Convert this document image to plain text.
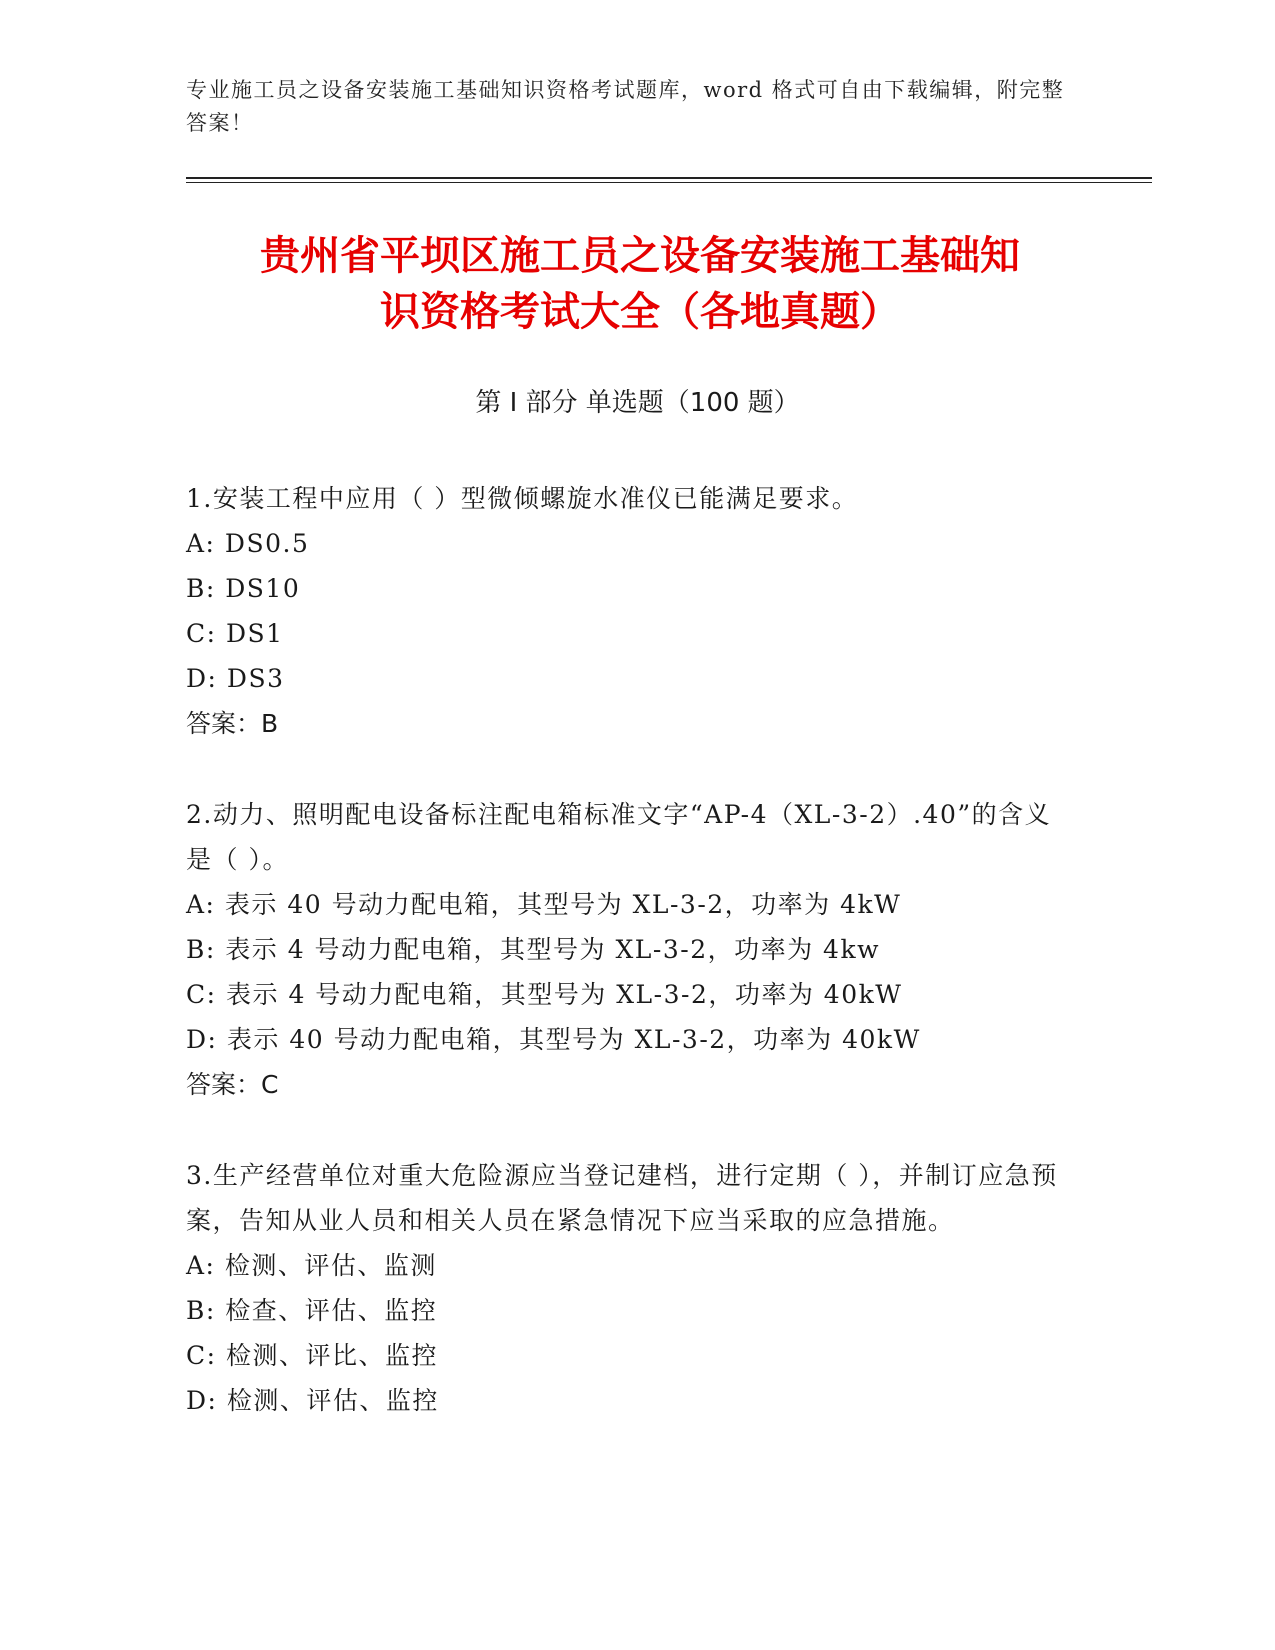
专业施工员之设备安装施工基础知识资格考试题库，word 格式可自由下载编辑，附完整答案！
贵州省平坝区施工员之设备安装施工基础知
识资格考试大全（各地真题）
第 I 部分 单选题（100 题）

1.安装工程中应用（ ）型微倾螺旋水准仪已能满足要求。

A: DS0.5

B: DS10

C: DS1

D: DS3

答案：B

2.动力、照明配电设备标注配电箱标准文字“AP-4（XL-3-2）.40”的含义是（ ）。

A: 表示 40 号动力配电箱，其型号为 XL-3-2，功率为 4kW

B: 表示 4 号动力配电箱，其型号为 XL-3-2，功率为 4kw

C: 表示 4 号动力配电箱，其型号为 XL-3-2，功率为 40kW

D: 表示 40 号动力配电箱，其型号为 XL-3-2，功率为 40kW

答案：C

3.生产经营单位对重大危险源应当登记建档，进行定期（ ），并制订应急预案，告知从业人员和相关人员在紧急情况下应当采取的应急措施。

A: 检测、评估、监测

B: 检查、评估、监控

C: 检测、评比、监控

D: 检测、评估、监控
